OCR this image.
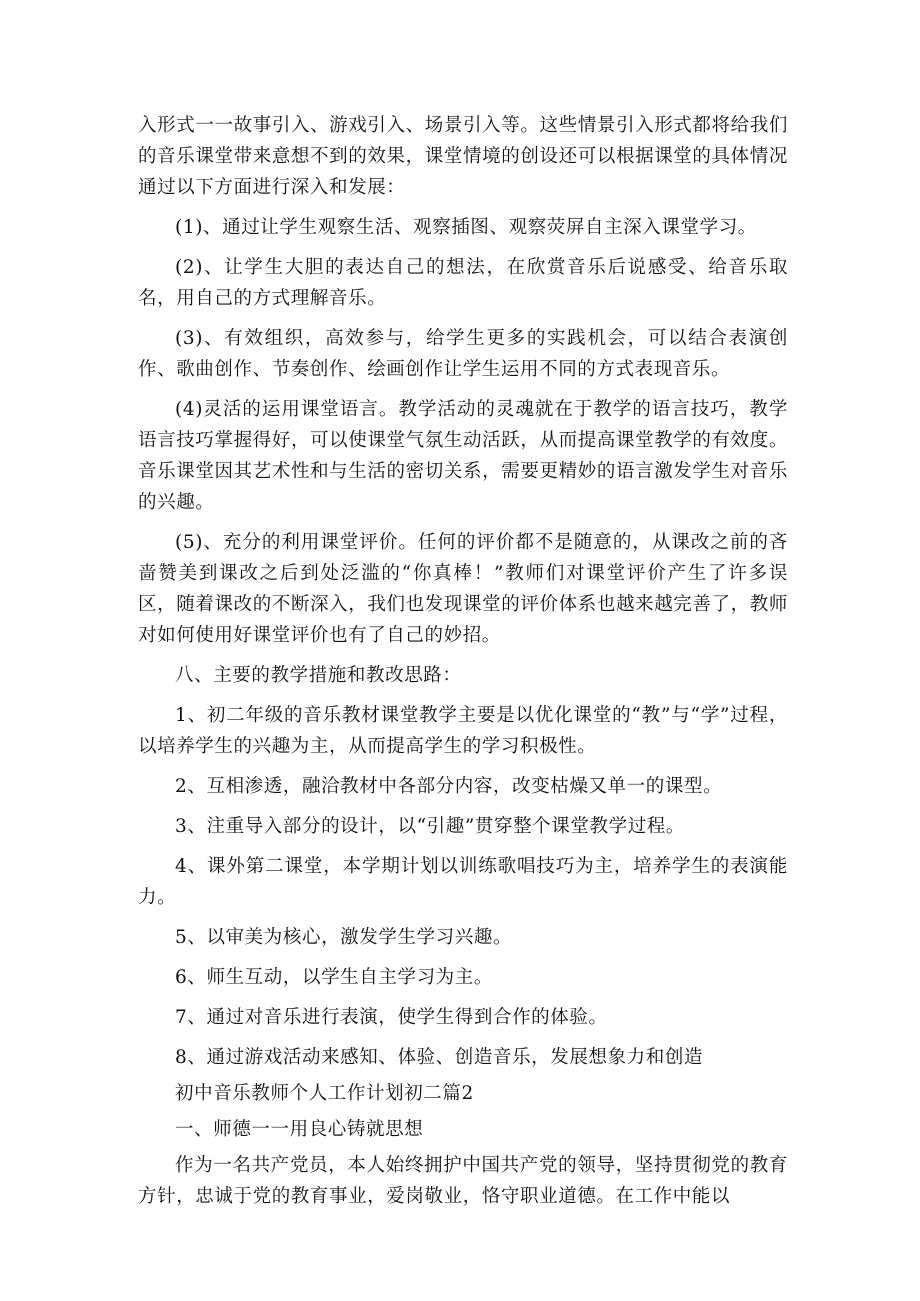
入形式一一故事引入、游戏引入、场景引入等。这些情景引入形式都将给我们的音乐课堂带来意想不到的效果，课堂情境的创设还可以根据课堂的具体情况通过以下方面进行深入和发展：

(1)、通过让学生观察生活、观察插图、观察荧屏自主深入课堂学习。

(2)、让学生大胆的表达自己的想法，在欣赏音乐后说感受、给音乐取名，用自己的方式理解音乐。

(3)、有效组织，高效参与，给学生更多的实践机会，可以结合表演创作、歌曲创作、节奏创作、绘画创作让学生运用不同的方式表现音乐。

(4)灵活的运用课堂语言。教学活动的灵魂就在于教学的语言技巧，教学语言技巧掌握得好，可以使课堂气氛生动活跃，从而提高课堂教学的有效度。音乐课堂因其艺术性和与生活的密切关系，需要更精妙的语言激发学生对音乐的兴趣。

(5)、充分的利用课堂评价。任何的评价都不是随意的，从课改之前的吝啬赞美到课改之后到处泛滥的“你真棒！”教师们对课堂评价产生了许多误区，随着课改的不断深入，我们也发现课堂的评价体系也越来越完善了，教师对如何使用好课堂评价也有了自己的妙招。

八、主要的教学措施和教改思路：

1、初二年级的音乐教材课堂教学主要是以优化课堂的“教”与“学”过程，以培养学生的兴趣为主，从而提高学生的学习积极性。

2、互相渗透，融洽教材中各部分内容，改变枯燥又单一的课型。

3、注重导入部分的设计，以“引趣”贯穿整个课堂教学过程。

4、课外第二课堂，本学期计划以训练歌唱技巧为主，培养学生的表演能力。

5、以审美为核心，激发学生学习兴趣。

6、师生互动，以学生自主学习为主。

7、通过对音乐进行表演，使学生得到合作的体验。

8、通过游戏活动来感知、体验、创造音乐，发展想象力和创造

初中音乐教师个人工作计划初二篇2

一、师德一一用良心铸就思想

作为一名共产党员，本人始终拥护中国共产党的领导，坚持贯彻党的教育方针，忠诚于党的教育事业，爱岗敬业，恪守职业道德。在工作中能以
